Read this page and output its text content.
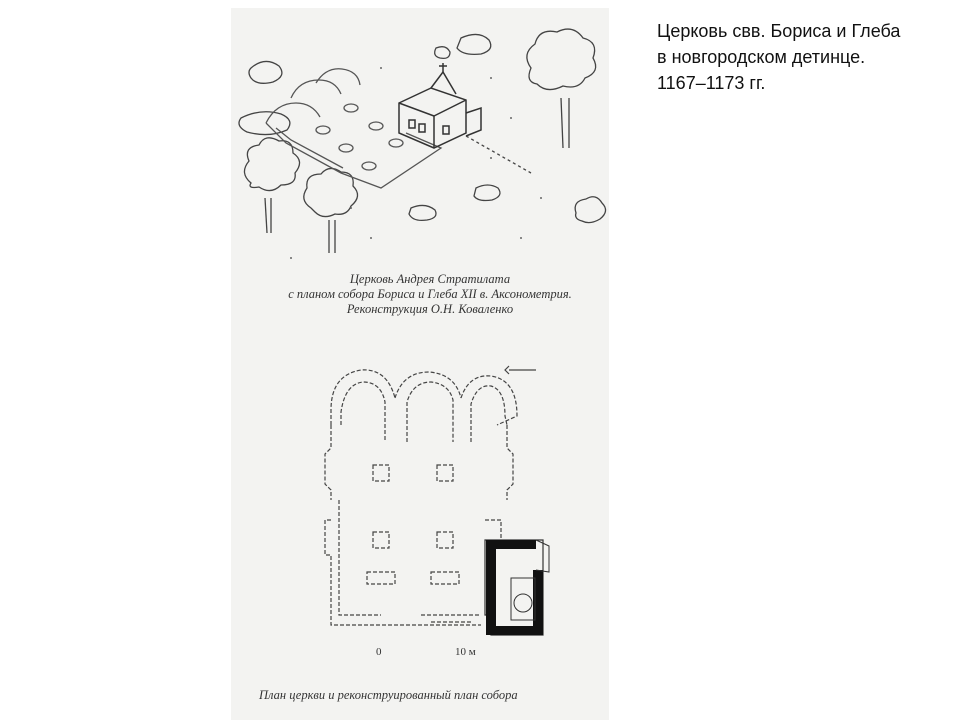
Церковь свв. Бориса и Глеба
в новгородском детинце.
1167–1173 гг.
Церковь Андрея Стратилата
с планом собора Бориса и Глеба XII в. Аксонометрия.
Реконструкция О.Н. Коваленко
0	10 м
План церкви и реконструированный план собора
